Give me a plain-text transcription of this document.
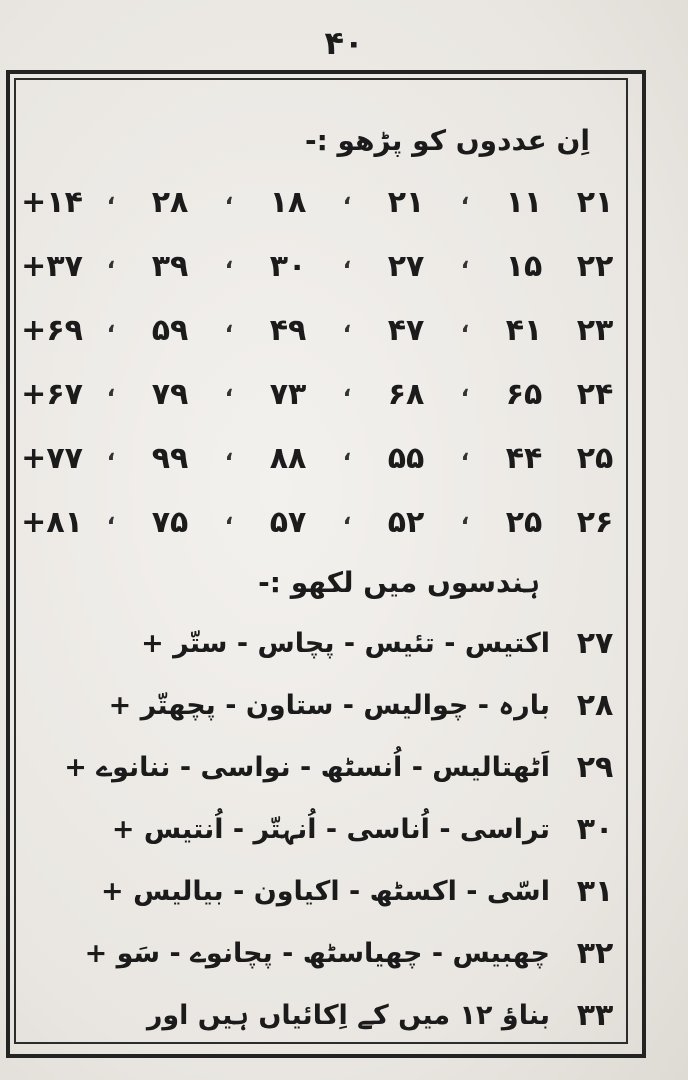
۴۰
اِن عددوں کو پڑھو :-
۲۱
۱۱
،
۲۱
،
۱۸
،
۲۸
،
۱۴+
۲۲
۱۵
،
۲۷
،
۳۰
،
۳۹
،
۳۷+
۲۳
۴۱
،
۴۷
،
۴۹
،
۵۹
،
۶۹+
۲۴
۶۵
،
۶۸
،
۷۳
،
۷۹
،
۶۷+
۲۵
۴۴
،
۵۵
،
۸۸
،
۹۹
،
۷۷+
۲۶
۲۵
،
۵۲
،
۵۷
،
۷۵
،
۸۱+
ہندسوں میں لکھو :-
۲۷
اکتیس - تئیس - پچاس - ستّر +
۲۸
بارہ - چوالیس - ستاون - پچھتّر +
۲۹
اَٹھتالیس - اُنسٹھ - نواسی - ننانوے +
۳۰
تراسی - اُناسی - اُنہتّر - اُنتیس +
۳۱
اسّی - اکسٹھ - اکیاون - بیالیس +
۳۲
چھبیس - چھیاسٹھ - پچانوے - سَو +
۳۳
بناؤ ۱۲ میں کے اِکائیاں ہیں اور
